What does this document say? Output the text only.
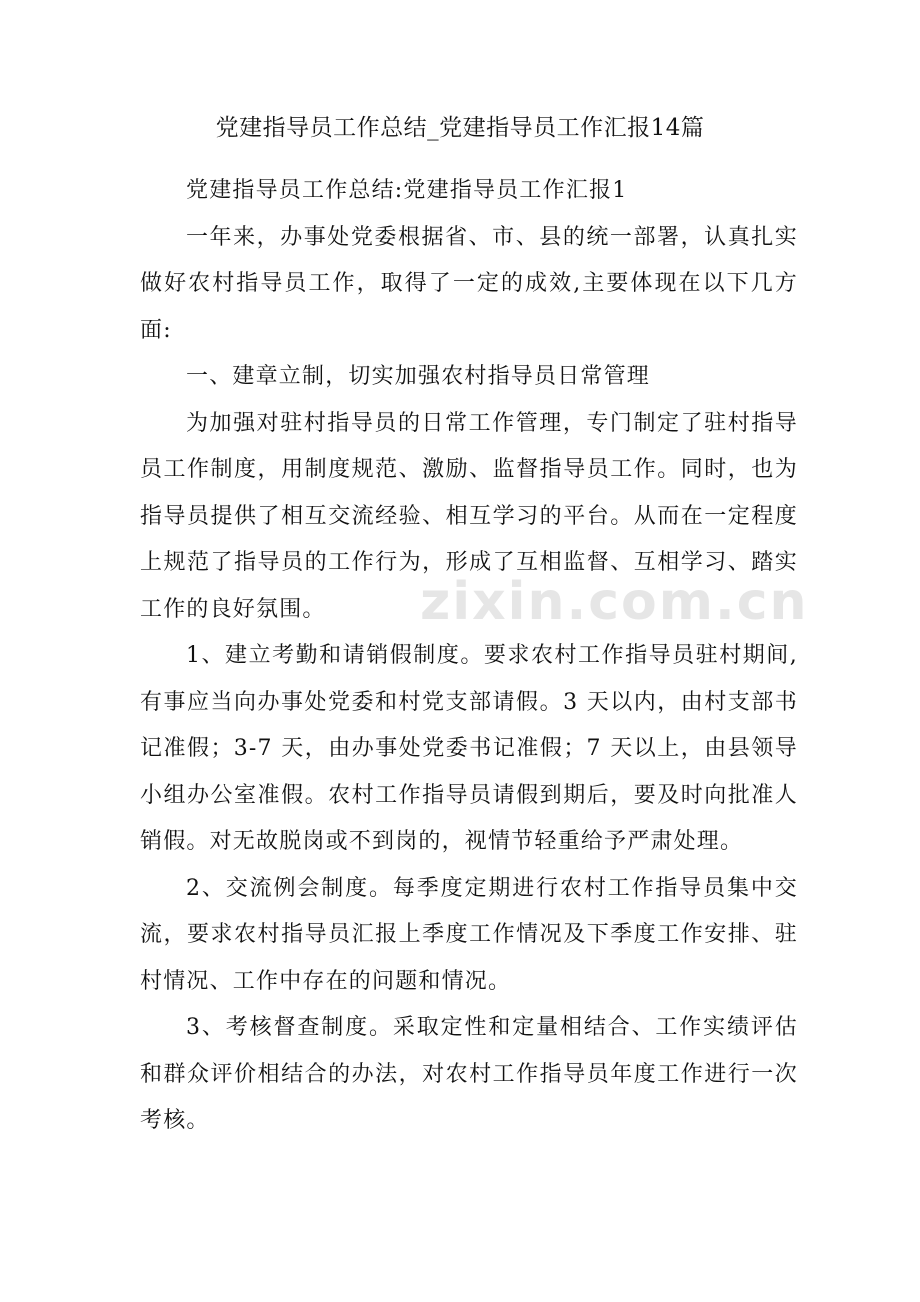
zixin.com.cn
党建指导员工作总结_党建指导员工作汇报14篇

党建指导员工作总结:党建指导员工作汇报1

一年来，办事处党委根据省、市、县的统一部署，认真扎实做好农村指导员工作，取得了一定的成效,主要体现在以下几方面:

一、建章立制，切实加强农村指导员日常管理

为加强对驻村指导员的日常工作管理，专门制定了驻村指导员工作制度，用制度规范、激励、监督指导员工作。同时，也为指导员提供了相互交流经验、相互学习的平台。从而在一定程度上规范了指导员的工作行为，形成了互相监督、互相学习、踏实工作的良好氛围。

1、建立考勤和请销假制度。要求农村工作指导员驻村期间,有事应当向办事处党委和村党支部请假。3 天以内，由村支部书记准假；3-7 天，由办事处党委书记准假；7 天以上，由县领导小组办公室准假。农村工作指导员请假到期后，要及时向批准人销假。对无故脱岗或不到岗的，视情节轻重给予严肃处理。

2、交流例会制度。每季度定期进行农村工作指导员集中交流，要求农村指导员汇报上季度工作情况及下季度工作安排、驻村情况、工作中存在的问题和情况。

3、考核督查制度。采取定性和定量相结合、工作实绩评估和群众评价相结合的办法，对农村工作指导员年度工作进行一次考核。
